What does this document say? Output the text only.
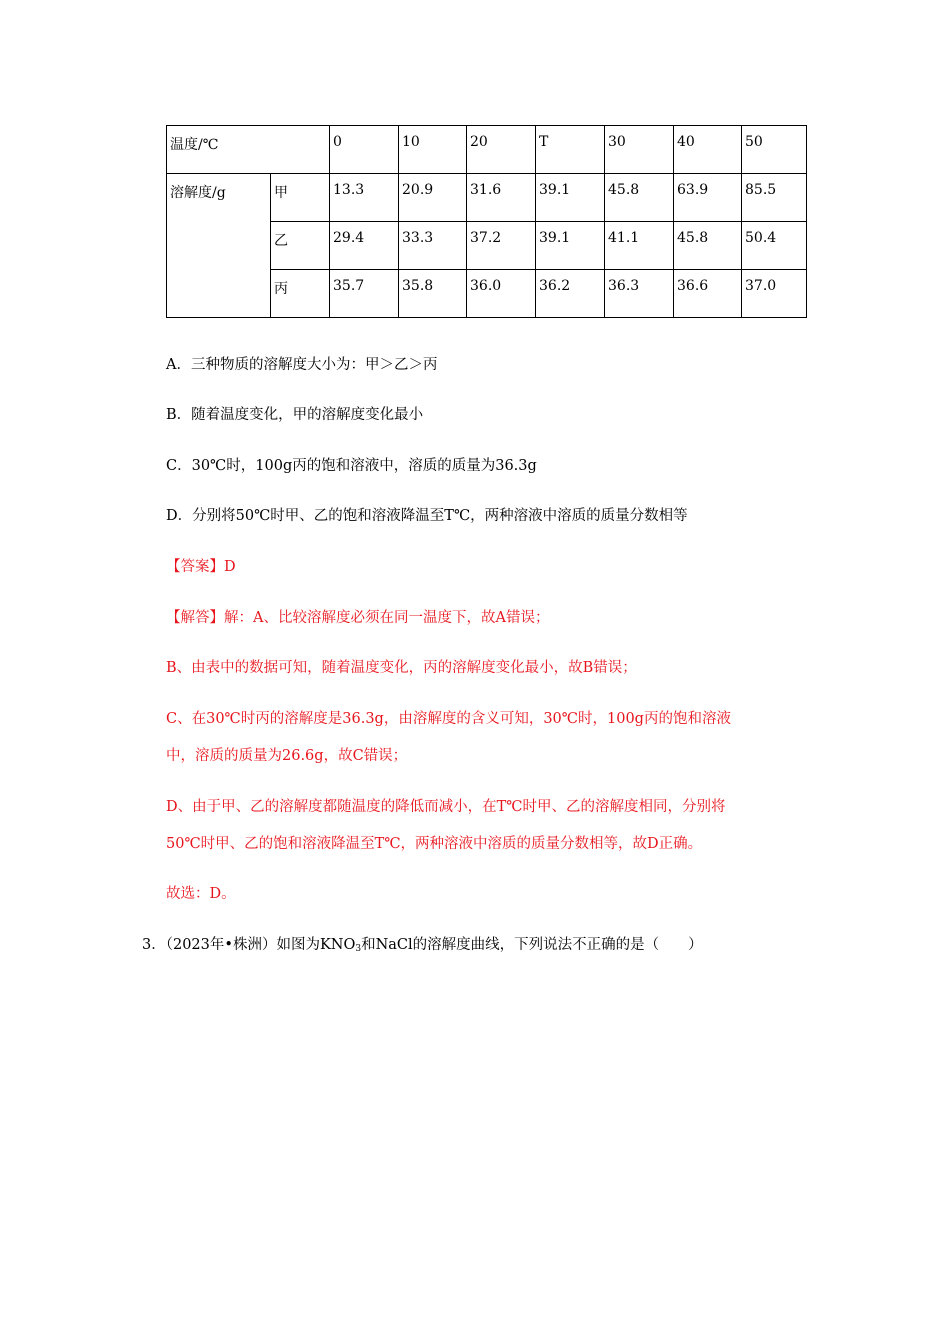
温度/℃		0	10	20	T	30	40	50
溶解度/g	甲	13.3	20.9	31.6	39.1	45.8	63.9	85.5
	乙	29.4	33.3	37.2	39.1	41.1	45.8	50.4
	丙	35.7	35.8	36.0	36.2	36.3	36.6	37.0
A．三种物质的溶解度大小为：甲＞乙＞丙
B．随着温度变化，甲的溶解度变化最小
C．30℃时，100g丙的饱和溶液中，溶质的质量为36.3g
D．分别将50℃时甲、乙的饱和溶液降温至T℃，两种溶液中溶质的质量分数相等
【答案】D
【解答】解：A、比较溶解度必须在同一温度下，故A错误；
B、由表中的数据可知，随着温度变化，丙的溶解度变化最小，故B错误；
C、在30℃时丙的溶解度是36.3g，由溶解度的含义可知，30℃时，100g丙的饱和溶液
中，溶质的质量为26.6g，故C错误；
D、由于甲、乙的溶解度都随温度的降低而减小，在T℃时甲、乙的溶解度相同，分别将
50℃时甲、乙的饱和溶液降温至T℃，两种溶液中溶质的质量分数相等，故D正确。
故选：D。
3．（2023年•株洲）如图为$KNO_3$和NaCl的溶解度曲线，下列说法不正确的是（　　）
